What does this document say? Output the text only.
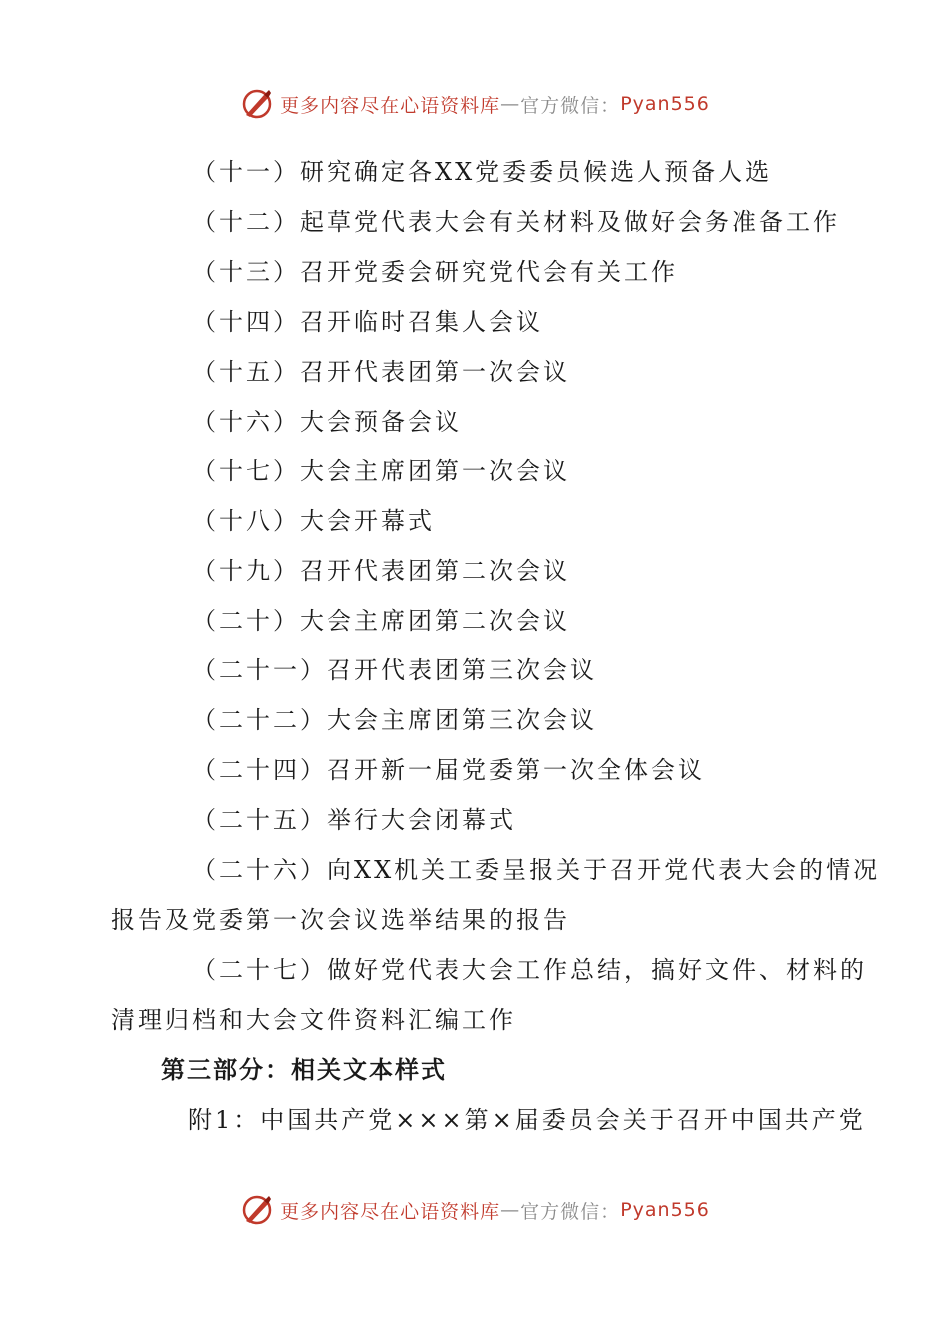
更多内容尽在心语资料库 — 官方微信： Pyan556
（十一）研究确定各XX党委委员候选人预备人选
（十二）起草党代表大会有关材料及做好会务准备工作
（十三）召开党委会研究党代会有关工作
（十四）召开临时召集人会议
（十五）召开代表团第一次会议
（十六）大会预备会议
（十七）大会主席团第一次会议
（十八）大会开幕式
（十九）召开代表团第二次会议
（二十）大会主席团第二次会议
（二十一）召开代表团第三次会议
（二十二）大会主席团第三次会议
（二十四）召开新一届党委第一次全体会议
（二十五）举行大会闭幕式
（二十六）向XX机关工委呈报关于召开党代表大会的情况
报告及党委第一次会议选举结果的报告
（二十七）做好党代表大会工作总结，搞好文件、材料的
清理归档和大会文件资料汇编工作
第三部分：相关文本样式
附1：中国共产党×××第×届委员会关于召开中国共产党
更多内容尽在心语资料库 — 官方微信： Pyan556
